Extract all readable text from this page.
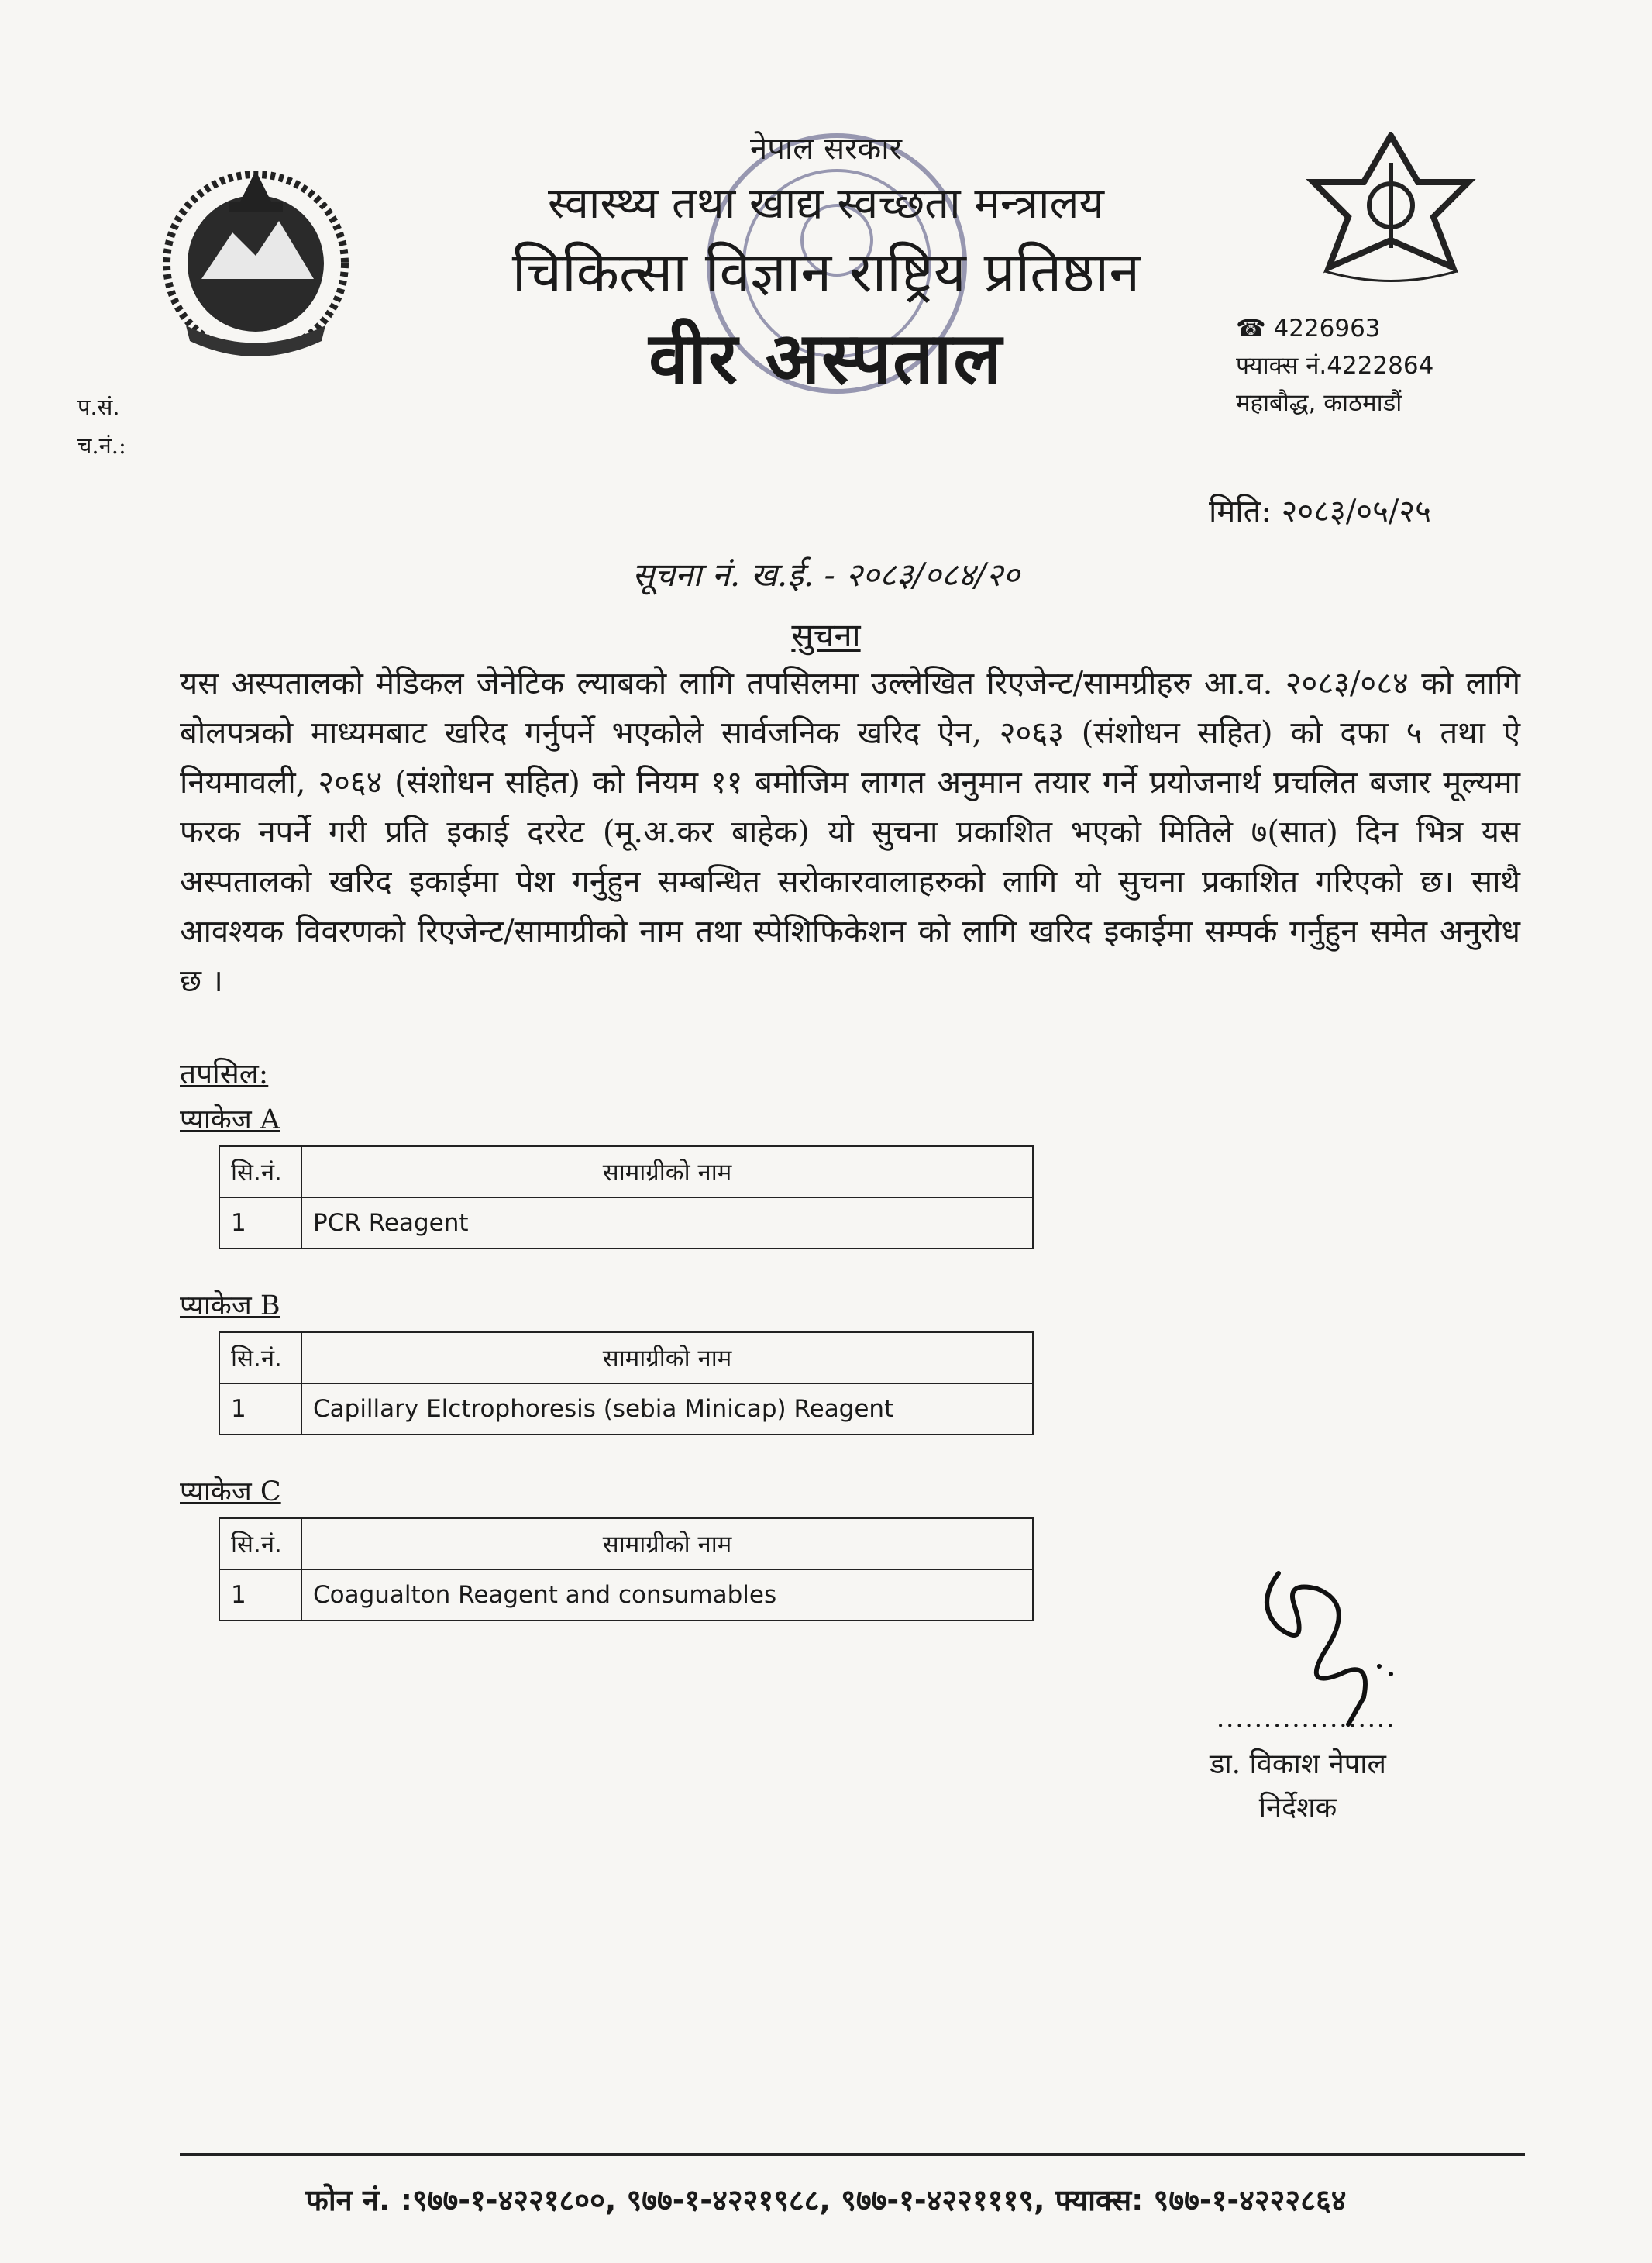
नेपाल सरकार
स्वास्थ्य तथा खाद्य स्वच्छता मन्त्रालय
चिकित्सा विज्ञान राष्ट्रिय प्रतिष्ठान
वीर अस्पताल	☎ 4226963
फ्याक्स नं.4222864
महाबौद्ध, काठमाडौं
प.सं.
च.नं.:
मिति: २०८३/०५/२५
सूचना नं. ख.ई. - २०८३/०८४/२०
सुचना
यस अस्पतालको मेडिकल जेनेटिक ल्याबको लागि तपसिलमा उल्लेखित रिएजेन्ट/सामग्रीहरु आ.व. २०८३/०८४ को लागि बोलपत्रको माध्यमबाट खरिद गर्नुपर्ने भएकोले सार्वजनिक खरिद ऐन, २०६३ (संशोधन सहित) को दफा ५ तथा ऐ नियमावली, २०६४ (संशोधन सहित) को नियम ११ बमोजिम लागत अनुमान तयार गर्ने प्रयोजनार्थ प्रचलित बजार मूल्यमा फरक नपर्ने गरी प्रति इकाई दररेट (मू.अ.कर बाहेक) यो सुचना प्रकाशित भएको मितिले ७(सात) दिन भित्र यस अस्पतालको खरिद इकाईमा पेश गर्नुहुन सम्बन्धित सरोकारवालाहरुको लागि यो सुचना प्रकाशित गरिएको छ। साथै आवश्यक विवरणको रिएजेन्ट/सामाग्रीको नाम तथा स्पेशिफिकेशन को लागि खरिद इकाईमा सम्पर्क गर्नुहुन समेत अनुरोध छ ।
तपसिल:
प्याकेज A
सि.नं.	सामाग्रीको नाम
1	PCR Reagent
प्याकेज B
सि.नं.	सामाग्रीको नाम
1	Capillary Elctrophoresis (sebia Minicap) Reagent
प्याकेज C
सि.नं.	सामाग्रीको नाम
1	Coagualton Reagent and consumables
...................
डा. विकाश नेपाल
निर्देशक
फोन नं. :९७७-१-४२२१८००, ९७७-१-४२२१९८८, ९७७-१-४२२१११९, फ्याक्स: ९७७-१-४२२२८६४
